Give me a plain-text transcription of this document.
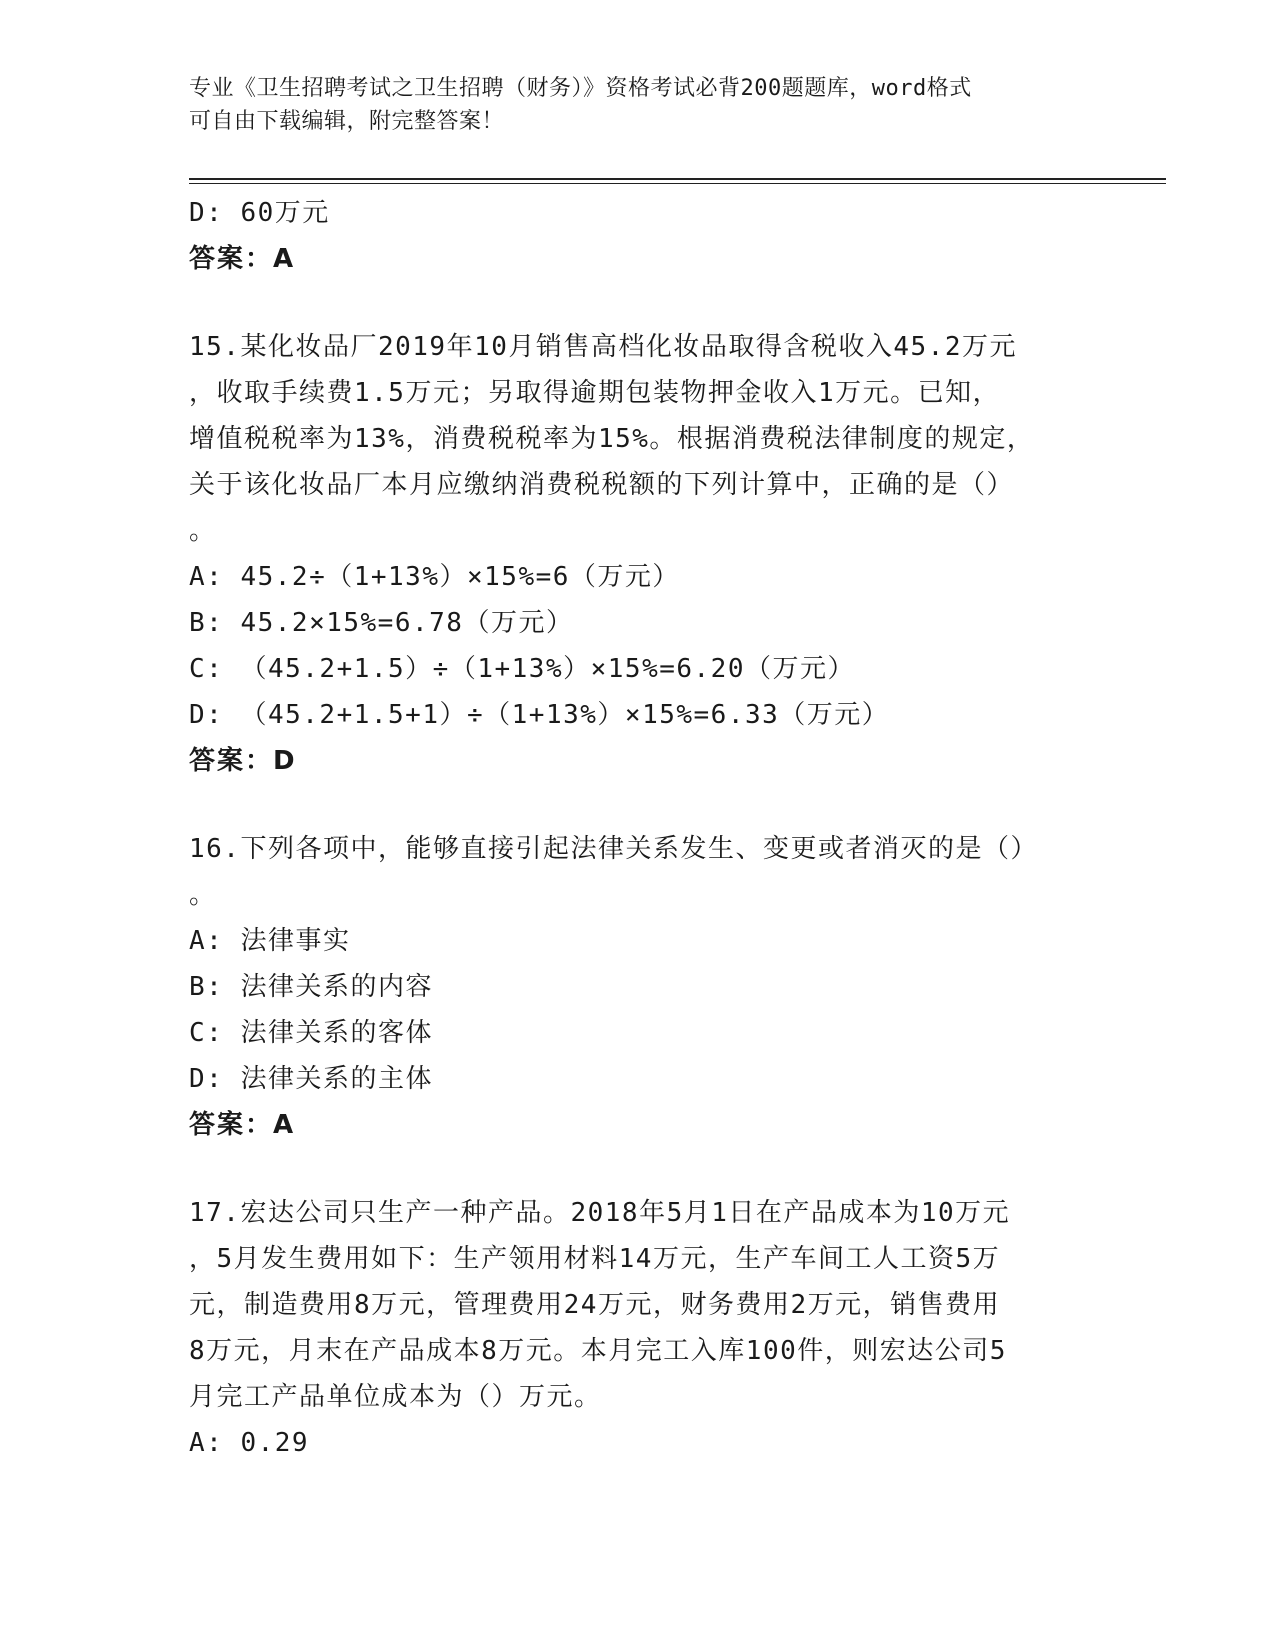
专业《卫生招聘考试之卫生招聘（财务）》资格考试必背200题题库，word格式
可自由下载编辑，附完整答案！
D: 60万元
答案：A
15.某化妆品厂2019年10月销售高档化妆品取得含税收入45.2万元
，收取手续费1.5万元；另取得逾期包装物押金收入1万元。已知，
增值税税率为13%，消费税税率为15%。根据消费税法律制度的规定，
关于该化妆品厂本月应缴纳消费税税额的下列计算中，正确的是（）
。
A: 45.2÷（1+13%）×15%=6（万元）
B: 45.2×15%=6.78（万元）
C: （45.2+1.5）÷（1+13%）×15%=6.20（万元）
D: （45.2+1.5+1）÷（1+13%）×15%=6.33（万元）
答案：D
16.下列各项中，能够直接引起法律关系发生、变更或者消灭的是（）
。
A: 法律事实
B: 法律关系的内容
C: 法律关系的客体
D: 法律关系的主体
答案：A
17.宏达公司只生产一种产品。2018年5月1日在产品成本为10万元
，5月发生费用如下：生产领用材料14万元，生产车间工人工资5万
元，制造费用8万元，管理费用24万元，财务费用2万元，销售费用
8万元，月末在产品成本8万元。本月完工入库100件，则宏达公司5
月完工产品单位成本为（）万元。
A: 0.29
